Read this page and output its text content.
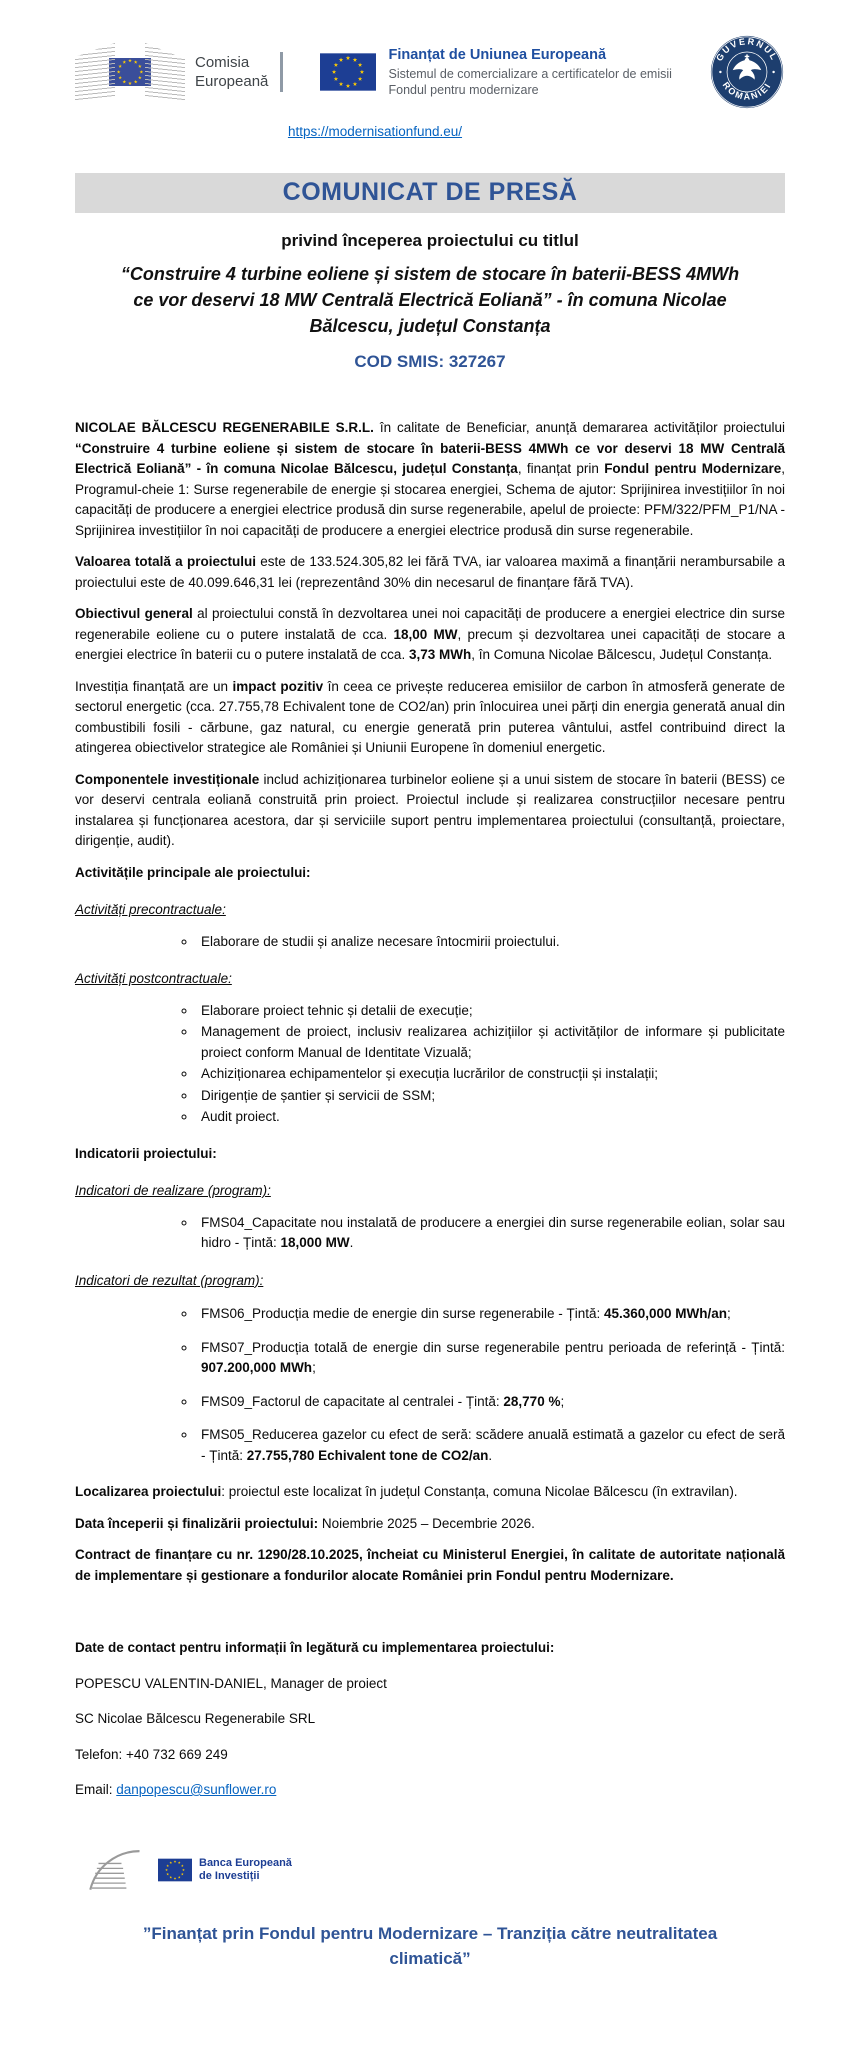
Comisia
Europeană
Finanțat de Uniunea Europeană
Sistemul de comercializare a certificatelor de emisii
Fondul pentru modernizare
GUVERNUL
ROMÂNIEI
https://modernisationfund.eu/
COMUNICAT DE PRESĂ
privind începerea proiectului cu titlul
“Construire 4 turbine eoliene și sistem de stocare în baterii-BESS 4MWh ce vor deservi 18 MW Centrală Electrică Eoliană” - în comuna Nicolae Bălcescu, județul Constanța
COD SMIS: 327267

NICOLAE BĂLCESCU REGENERABILE S.R.L. în calitate de Beneficiar, anunță demararea activităților proiectului “Construire 4 turbine eoliene și sistem de stocare în baterii-BESS 4MWh ce vor deservi 18 MW Centrală Electrică Eoliană” - în comuna Nicolae Bălcescu, județul Constanța, finanțat prin Fondul pentru Modernizare, Programul-cheie 1: Surse regenerabile de energie și stocarea energiei, Schema de ajutor: Sprijinirea investițiilor în noi capacități de producere a energiei electrice produsă din surse regenerabile, apelul de proiecte: PFM/322/PFM_P1/NA - Sprijinirea investițiilor în noi capacități de producere a energiei electrice produsă din surse regenerabile.

Valoarea totală a proiectului este de 133.524.305,82 lei fără TVA, iar valoarea maximă a finanțării nerambursabile a proiectului este de 40.099.646,31 lei (reprezentând 30% din necesarul de finanțare fără TVA).

Obiectivul general al proiectului constă în dezvoltarea unei noi capacități de producere a energiei electrice din surse regenerabile eoliene cu o putere instalată de cca. 18,00 MW, precum și dezvoltarea unei capacități de stocare a energiei electrice în baterii cu o putere instalată de cca. 3,73 MWh, în Comuna Nicolae Bălcescu, Județul Constanța.

Investiția finanțată are un impact pozitiv în ceea ce privește reducerea emisiilor de carbon în atmosferă generate de sectorul energetic (cca. 27.755,78 Echivalent tone de CO2/an) prin înlocuirea unei părți din energia generată anual din combustibili fosili - cărbune, gaz natural, cu energie generată prin puterea vântului, astfel contribuind direct la atingerea obiectivelor strategice ale României și Uniunii Europene în domeniul energetic.

Componentele investiționale includ achiziționarea turbinelor eoliene și a unui sistem de stocare în baterii (BESS) ce vor deservi centrala eoliană construită prin proiect. Proiectul include și realizarea construcțiilor necesare pentru instalarea și funcționarea acestora, dar și serviciile suport pentru implementarea proiectului (consultanță, proiectare, dirigenție, audit).

Activitățile principale ale proiectului:

Activități precontractuale:

◦ Elaborare de studii și analize necesare întocmirii proiectului.

Activități postcontractuale:

◦ Elaborare proiect tehnic și detalii de execuție;
◦ Management de proiect, inclusiv realizarea achizițiilor și activităților de informare și publicitate proiect conform Manual de Identitate Vizuală;
◦ Achiziționarea echipamentelor și execuția lucrărilor de construcții și instalații;
◦ Dirigenție de șantier și servicii de SSM;
◦ Audit proiect.

Indicatorii proiectului:

Indicatori de realizare (program):

◦ FMS04_Capacitate nou instalată de producere a energiei din surse regenerabile eolian, solar sau hidro - Țintă: 18,000 MW.

Indicatori de rezultat (program):

◦ FMS06_Producția medie de energie din surse regenerabile - Țintă: 45.360,000 MWh/an;
◦ FMS07_Producția totală de energie din surse regenerabile pentru perioada de referință - Țintă: 907.200,000 MWh;
◦ FMS09_Factorul de capacitate al centralei - Țintă: 28,770 %;
◦ FMS05_Reducerea gazelor cu efect de seră: scădere anuală estimată a gazelor cu efect de seră - Țintă: 27.755,780 Echivalent tone de CO2/an.

Localizarea proiectului: proiectul este localizat în județul Constanța, comuna Nicolae Bălcescu (în extravilan).

Data începerii și finalizării proiectului: Noiembrie 2025 – Decembrie 2026.

Contract de finanțare cu nr. 1290/28.10.2025, încheiat cu Ministerul Energiei, în calitate de autoritate națională de implementare și gestionare a fondurilor alocate României prin Fondul pentru Modernizare.

Date de contact pentru informații în legătură cu implementarea proiectului:

POPESCU VALENTIN-DANIEL, Manager de proiect

SC Nicolae Bălcescu Regenerabile SRL

Telefon: +40 732 669 249

Email: danpopescu@sunflower.ro

Banca Europeană
de Investiții
”Finanțat prin Fondul pentru Modernizare – Tranziția către neutralitatea climatică”
